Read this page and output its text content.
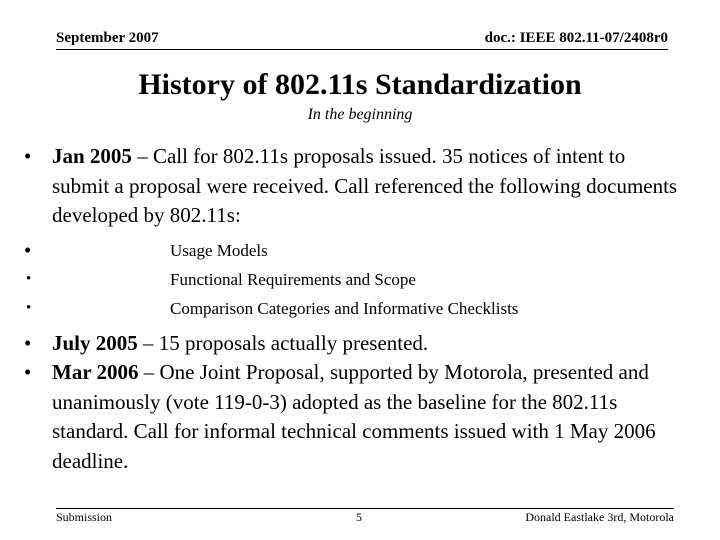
September 2007	doc.: IEEE 802.11-07/2408r0
History of 802.11s Standardization
In the beginning
• Jan 2005 – Call for 802.11s proposals issued. 35 notices of intent to submit a proposal were received. Call referenced the following documents developed by 802.11s:
•	Usage Models
•	Functional Requirements and Scope
•	Comparison Categories and Informative Checklists
• July 2005 – 15 proposals actually presented.
• Mar 2006 – One Joint Proposal, supported by Motorola, presented and unanimously (vote 119-0-3) adopted as the baseline for the 802.11s standard. Call for informal technical comments issued with 1 May 2006 deadline.
Submission	5	Donald Eastlake 3rd, Motorola
